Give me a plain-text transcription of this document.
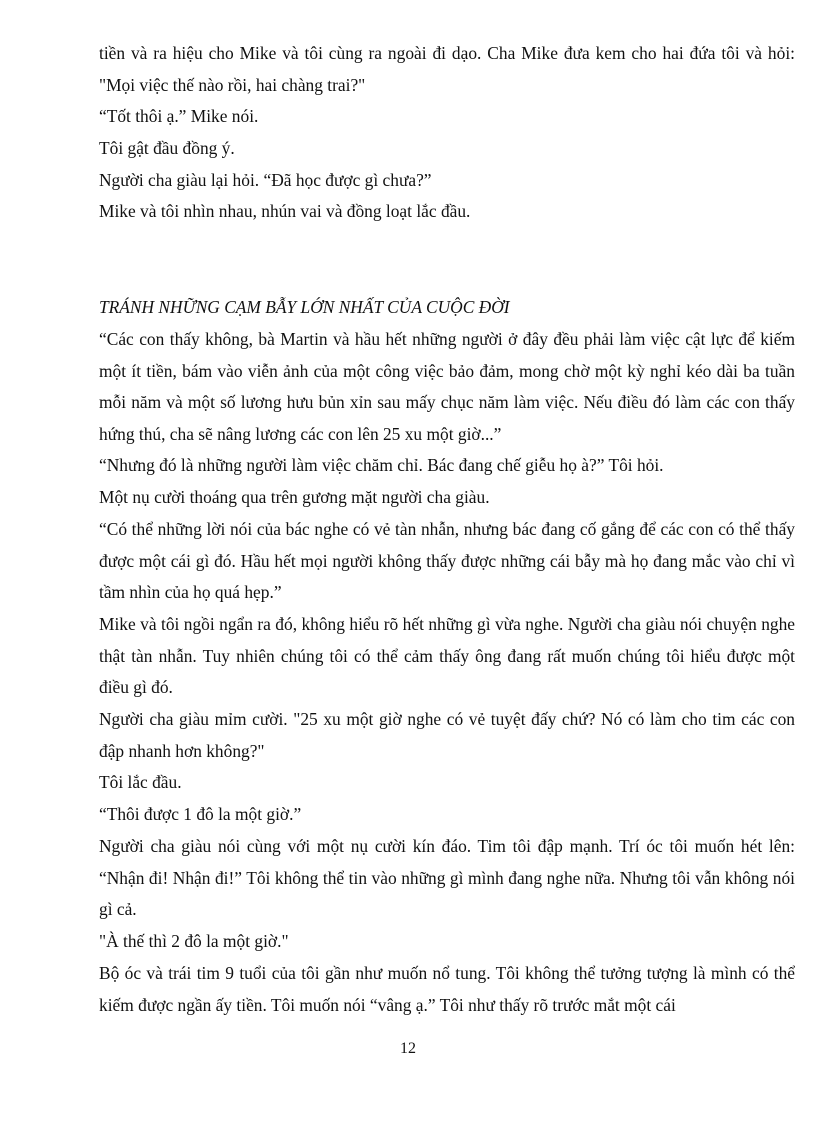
tiền và ra hiệu cho Mike và tôi cùng ra ngoài đi dạo. Cha Mike đưa kem cho hai đứa tôi và hỏi: "Mọi việc thế nào rồi, hai chàng trai?"

“Tốt thôi ạ.” Mike nói.

Tôi gật đầu đồng ý.

Người cha giàu lại hỏi. “Đã học được gì chưa?”

Mike và tôi nhìn nhau, nhún vai và đồng loạt lắc đầu.

TRÁNH NHỮNG CẠM BẪY LỚN NHẤT CỦA CUỘC ĐỜI

“Các con thấy không, bà Martin và hầu hết những người ở đây đều phải làm việc cật lực để kiếm một ít tiền, bám vào viễn ảnh của một công việc bảo đảm, mong chờ một kỳ nghỉ kéo dài ba tuần mỗi năm và một số lương hưu bủn xỉn sau mấy chục năm làm việc. Nếu điều đó làm các con thấy hứng thú, cha sẽ nâng lương các con lên 25 xu một giờ...”

“Nhưng đó là những người làm việc chăm chỉ. Bác đang chế giễu họ à?” Tôi hỏi.

Một nụ cười thoáng qua trên gương mặt người cha giàu.

“Có thể những lời nói của bác nghe có vẻ tàn nhẫn, nhưng bác đang cố gắng để các con có thể thấy được một cái gì đó. Hầu hết mọi người không thấy được những cái bẫy mà họ đang mắc vào chỉ vì tầm nhìn của họ quá hẹp.”

Mike và tôi ngồi ngẩn ra đó, không hiểu rõ hết những gì vừa nghe. Người cha giàu nói chuyện nghe thật tàn nhẫn. Tuy nhiên chúng tôi có thể cảm thấy ông đang rất muốn chúng tôi hiểu được một điều gì đó.

Người cha giàu mỉm cười. "25 xu một giờ nghe có vẻ tuyệt đấy chứ? Nó có làm cho tim các con đập nhanh hơn không?"

Tôi lắc đầu.

“Thôi được 1 đô la một giờ.”

Người cha giàu nói cùng với một nụ cười kín đáo. Tim tôi đập mạnh. Trí óc tôi muốn hét lên: “Nhận đi! Nhận đi!” Tôi không thể tin vào những gì mình đang nghe nữa. Nhưng tôi vẫn không nói gì cả.

"À thế thì 2 đô la một giờ."

Bộ óc và trái tim 9 tuổi của tôi gần như muốn nổ tung. Tôi không thể tưởng tượng là mình có thể kiếm được ngần ấy tiền. Tôi muốn nói “vâng ạ.” Tôi như thấy rõ trước mắt một cái

12
